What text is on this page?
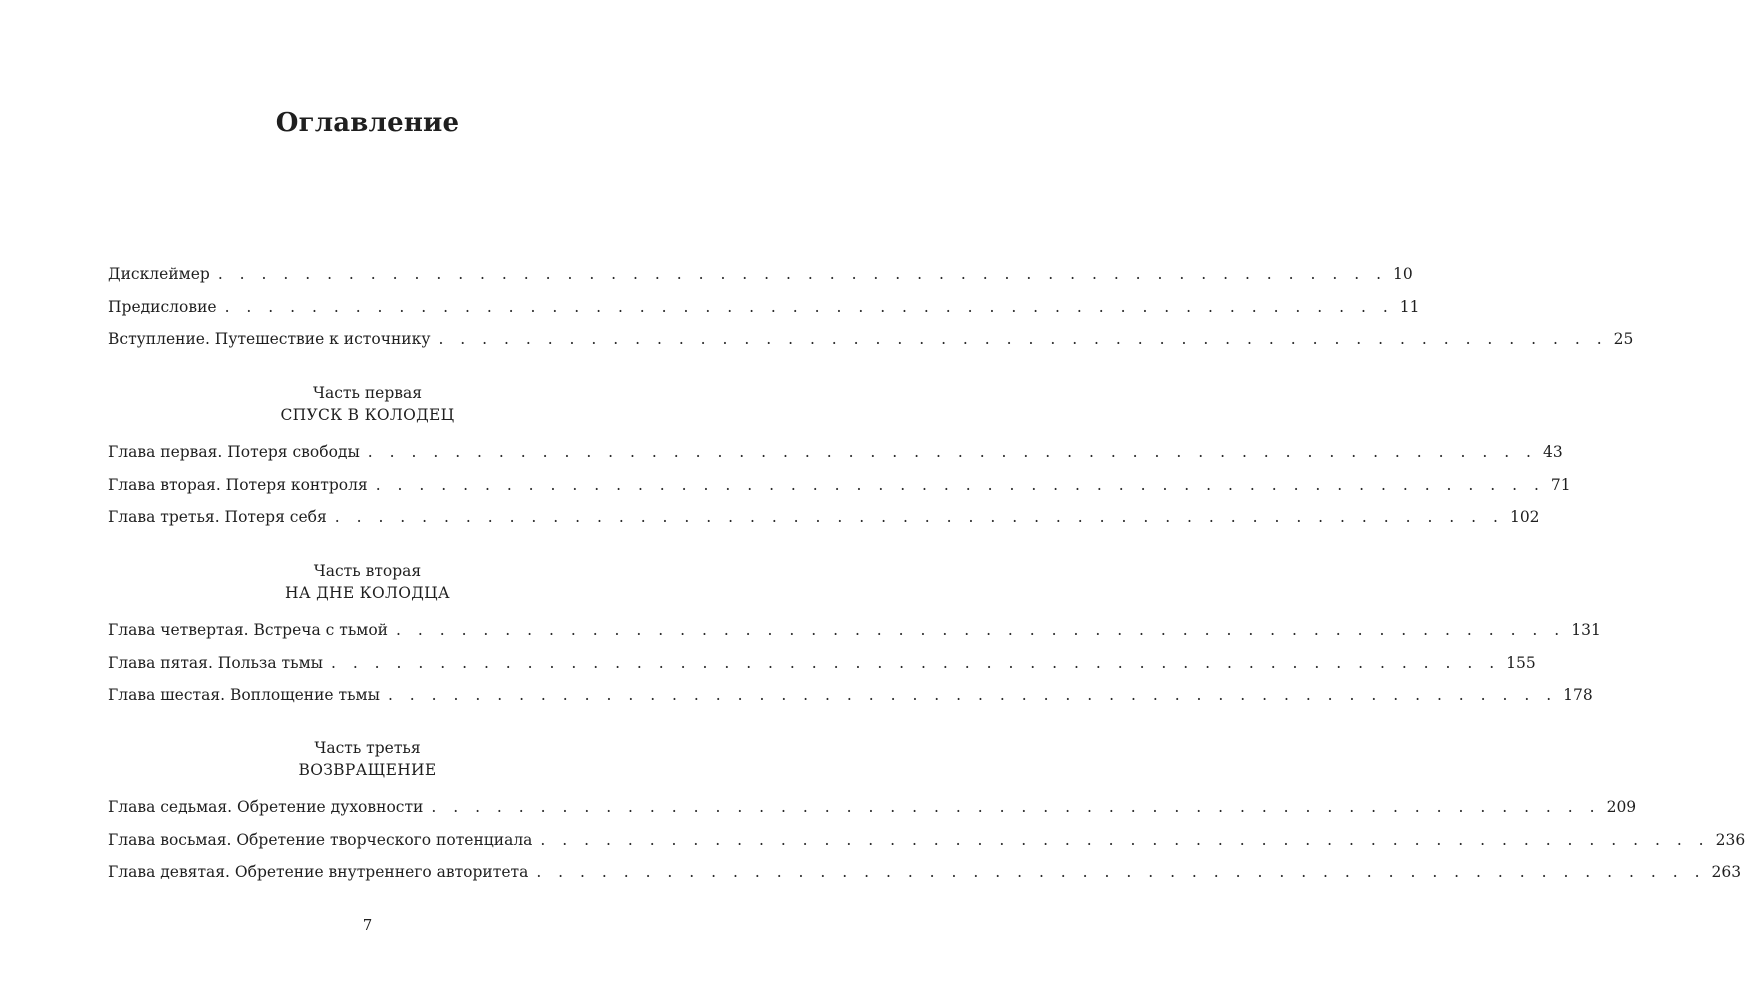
Оглавление
Дисклеймер . . . . . . . . . . . . . . . . . . . . . . . . . . . . . . . . . . . . . . . . . . . . . . . . . . . . . . 10
Предисловие . . . . . . . . . . . . . . . . . . . . . . . . . . . . . . . . . . . . . . . . . . . . . . . . . . . . . . 11
Вступление. Путешествие к источнику . . . . . . . . . . . . . . . . . . . . . . . . . . . . . . . . . . . . . . . . . . . . . . . . . . . . . . 25
Часть первая
СПУСК В КОЛОДЕЦ
Глава первая. Потеря свободы . . . . . . . . . . . . . . . . . . . . . . . . . . . . . . . . . . . . . . . . . . . . . . . . . . . . . . 43
Глава вторая. Потеря контроля . . . . . . . . . . . . . . . . . . . . . . . . . . . . . . . . . . . . . . . . . . . . . . . . . . . . . . 71
Глава третья. Потеря себя . . . . . . . . . . . . . . . . . . . . . . . . . . . . . . . . . . . . . . . . . . . . . . . . . . . . . . 102
Часть вторая
НА ДНЕ КОЛОДЦА
Глава четвертая. Встреча с тьмой . . . . . . . . . . . . . . . . . . . . . . . . . . . . . . . . . . . . . . . . . . . . . . . . . . . . . . 131
Глава пятая. Польза тьмы . . . . . . . . . . . . . . . . . . . . . . . . . . . . . . . . . . . . . . . . . . . . . . . . . . . . . . 155
Глава шестая. Воплощение тьмы . . . . . . . . . . . . . . . . . . . . . . . . . . . . . . . . . . . . . . . . . . . . . . . . . . . . . . 178
Часть третья
ВОЗВРАЩЕНИЕ
Глава седьмая. Обретение духовности . . . . . . . . . . . . . . . . . . . . . . . . . . . . . . . . . . . . . . . . . . . . . . . . . . . . . . 209
Глава восьмая. Обретение творческого потенциала . . . . . . . . . . . . . . . . . . . . . . . . . . . . . . . . . . . . . . . . . . . . . . . . . . . . . . 236
Глава девятая. Обретение внутреннего авторитета . . . . . . . . . . . . . . . . . . . . . . . . . . . . . . . . . . . . . . . . . . . . . . . . . . . . . . 263
7
